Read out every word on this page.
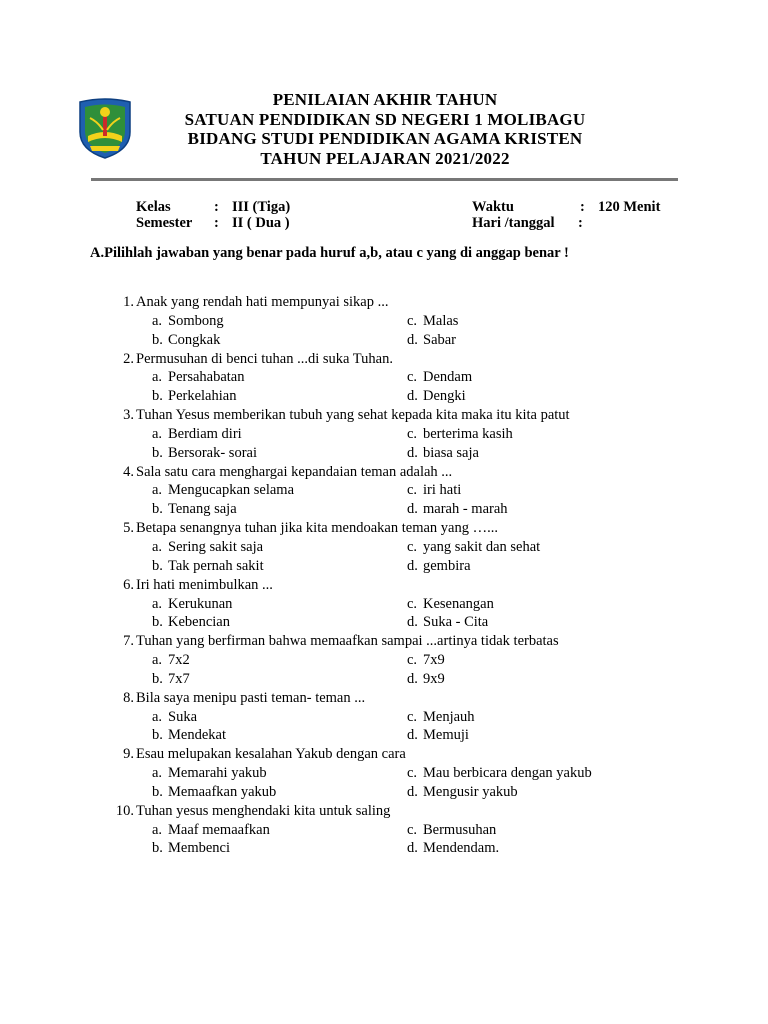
PENILAIAN AKHIR TAHUN
SATUAN PENDIDIKAN SD NEGERI 1 MOLIBAGU
BIDANG STUDI PENDIDIKAN AGAMA KRISTEN
TAHUN PELAJARAN 2021/2022
Kelas	: III (Tiga)
Semester : II ( Dua )
Waktu	: 120 Menit
Hari /tanggal :
A.Pilihlah jawaban yang benar pada huruf a,b, atau c yang di anggap benar !
1. Anak yang rendah hati mempunyai sikap ...
a. Sombong	c. Malas
b. Congkak	d. Sabar
2. Permusuhan di benci tuhan ...di suka Tuhan.
a. Persahabatan	c. Dendam
b. Perkelahian	d. Dengki
3. Tuhan Yesus memberikan tubuh yang sehat kepada kita maka itu kita patut
a. Berdiam diri	c. berterima kasih
b. Bersorak- sorai	d. biasa saja
4. Sala satu cara menghargai kepandaian teman adalah ...
a. Mengucapkan selama	c. iri hati
b. Tenang saja	d. marah - marah
5. Betapa senangnya tuhan jika kita mendoakan teman yang …...
a. Sering sakit saja	c. yang sakit dan sehat
b. Tak pernah sakit	d. gembira
6. Iri hati menimbulkan ...
a. Kerukunan	c. Kesenangan
b. Kebencian	d. Suka - Cita
7. Tuhan yang berfirman bahwa memaafkan sampai ...artinya tidak terbatas
a. 7x2	c. 7x9
b. 7x7	d. 9x9
8. Bila saya menipu pasti teman- teman ...
a. Suka	c. Menjauh
b. Mendekat	d. Memuji
9. Esau melupakan kesalahan Yakub dengan cara
a. Memarahi yakub	c. Mau berbicara dengan yakub
b. Memaafkan yakub	d. Mengusir yakub
10. Tuhan yesus menghendaki kita untuk saling
a. Maaf memaafkan	c. Bermusuhan
b. Membenci	d. Mendendam.
